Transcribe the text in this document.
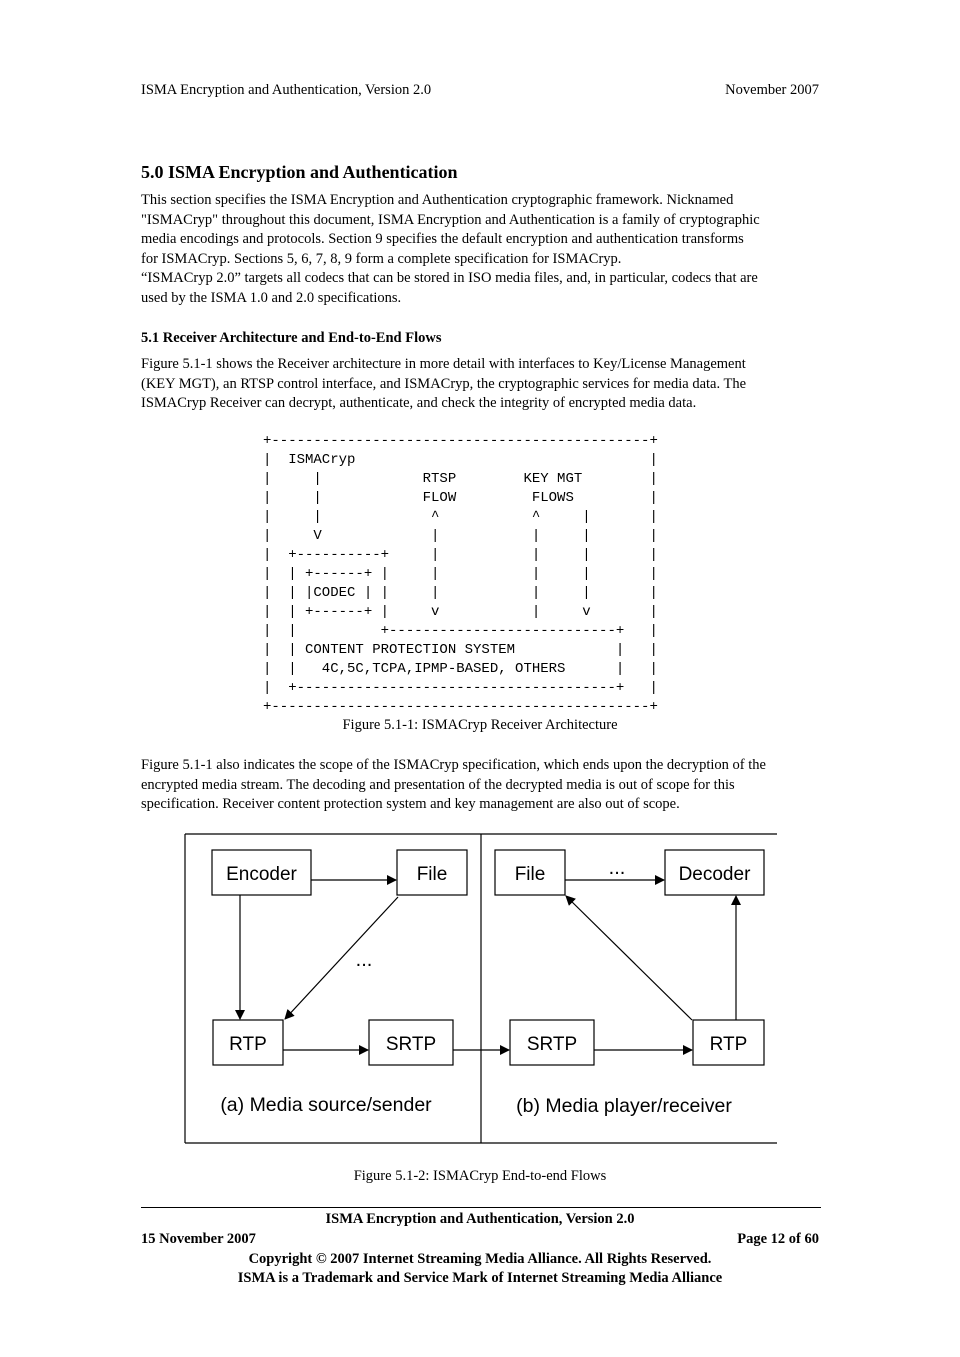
ISMA Encryption and Authentication, Version 2.0	November 2007
5.0 ISMA Encryption and Authentication
This section specifies the ISMA Encryption and Authentication cryptographic framework. Nicknamed
"ISMACryp" throughout this document, ISMA Encryption and Authentication is a family of cryptographic
media encodings and protocols. Section 9 specifies the default encryption and authentication transforms
for ISMACryp. Sections 5, 6, 7, 8, 9 form a complete specification for ISMACryp.
“ISMACryp 2.0” targets all codecs that can be stored in ISO media files, and, in particular, codecs that are
used by the ISMA 1.0 and 2.0 specifications.
5.1 Receiver Architecture and End-to-End Flows
Figure 5.1-1 shows the Receiver architecture in more detail with interfaces to Key/License Management
(KEY MGT), an RTSP control interface, and ISMACryp, the cryptographic services for media data. The
ISMACryp Receiver can decrypt, authenticate, and check the integrity of encrypted media data.
+---------------------------------------------+
|  ISMACryp                                   |
|     |            RTSP        KEY MGT        |
|     |            FLOW         FLOWS         |
|     |             ^           ^     |       |
|     V             |           |     |       |
|  +----------+     |           |     |       |
|  | +------+ |     |           |     |       |
|  | |CODEC | |     |           |     |       |
|  | +------+ |     v           |     v       |
|  |          +---------------------------+   |
|  | CONTENT PROTECTION SYSTEM            |   |
|  |   4C,5C,TCPA,IPMP-BASED, OTHERS      |   |
|  +--------------------------------------+   |
+---------------------------------------------+
Figure 5.1-1: ISMACryp Receiver Architecture
Figure 5.1-1 also indicates the scope of the ISMACryp specification, which ends upon the decryption of the
encrypted media stream. The decoding and presentation of the decrypted media is out of scope for this
specification. Receiver content protection system and key management are also out of scope.
Encoder	File
RTP	SRTP
File	Decoder
SRTP	RTP
...
...
(a) Media source/sender	(b) Media player/receiver
Figure 5.1-2: ISMACryp End-to-end Flows
ISMA Encryption and Authentication, Version 2.0
15 November 2007	Page 12 of 60
Copyright © 2007 Internet Streaming Media Alliance. All Rights Reserved.
ISMA is a Trademark and Service Mark of Internet Streaming Media Alliance
